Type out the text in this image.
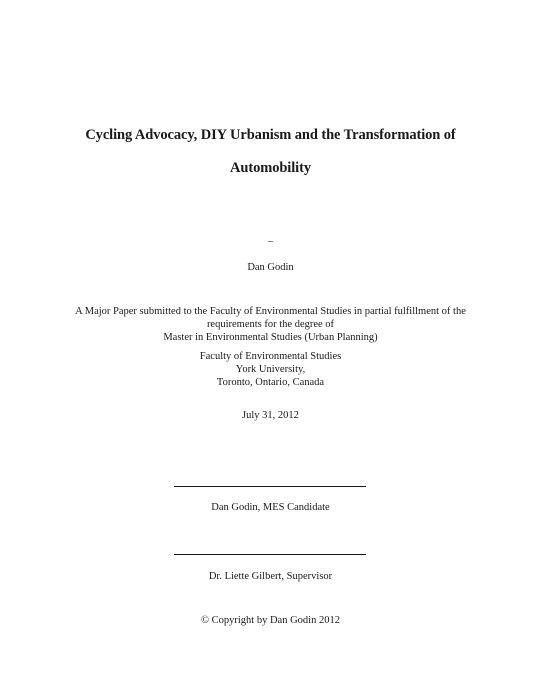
Cycling Advocacy, DIY Urbanism and the Transformation of
Automobility
–
Dan Godin
A Major Paper submitted to the Faculty of Environmental Studies in partial fulfillment of the
requirements for the degree of
Master in Environmental Studies (Urban Planning)
Faculty of Environmental Studies
York University,
Toronto, Ontario, Canada
July 31, 2012
Dan Godin, MES Candidate
Dr. Liette Gilbert, Supervisor
© Copyright by Dan Godin 2012
